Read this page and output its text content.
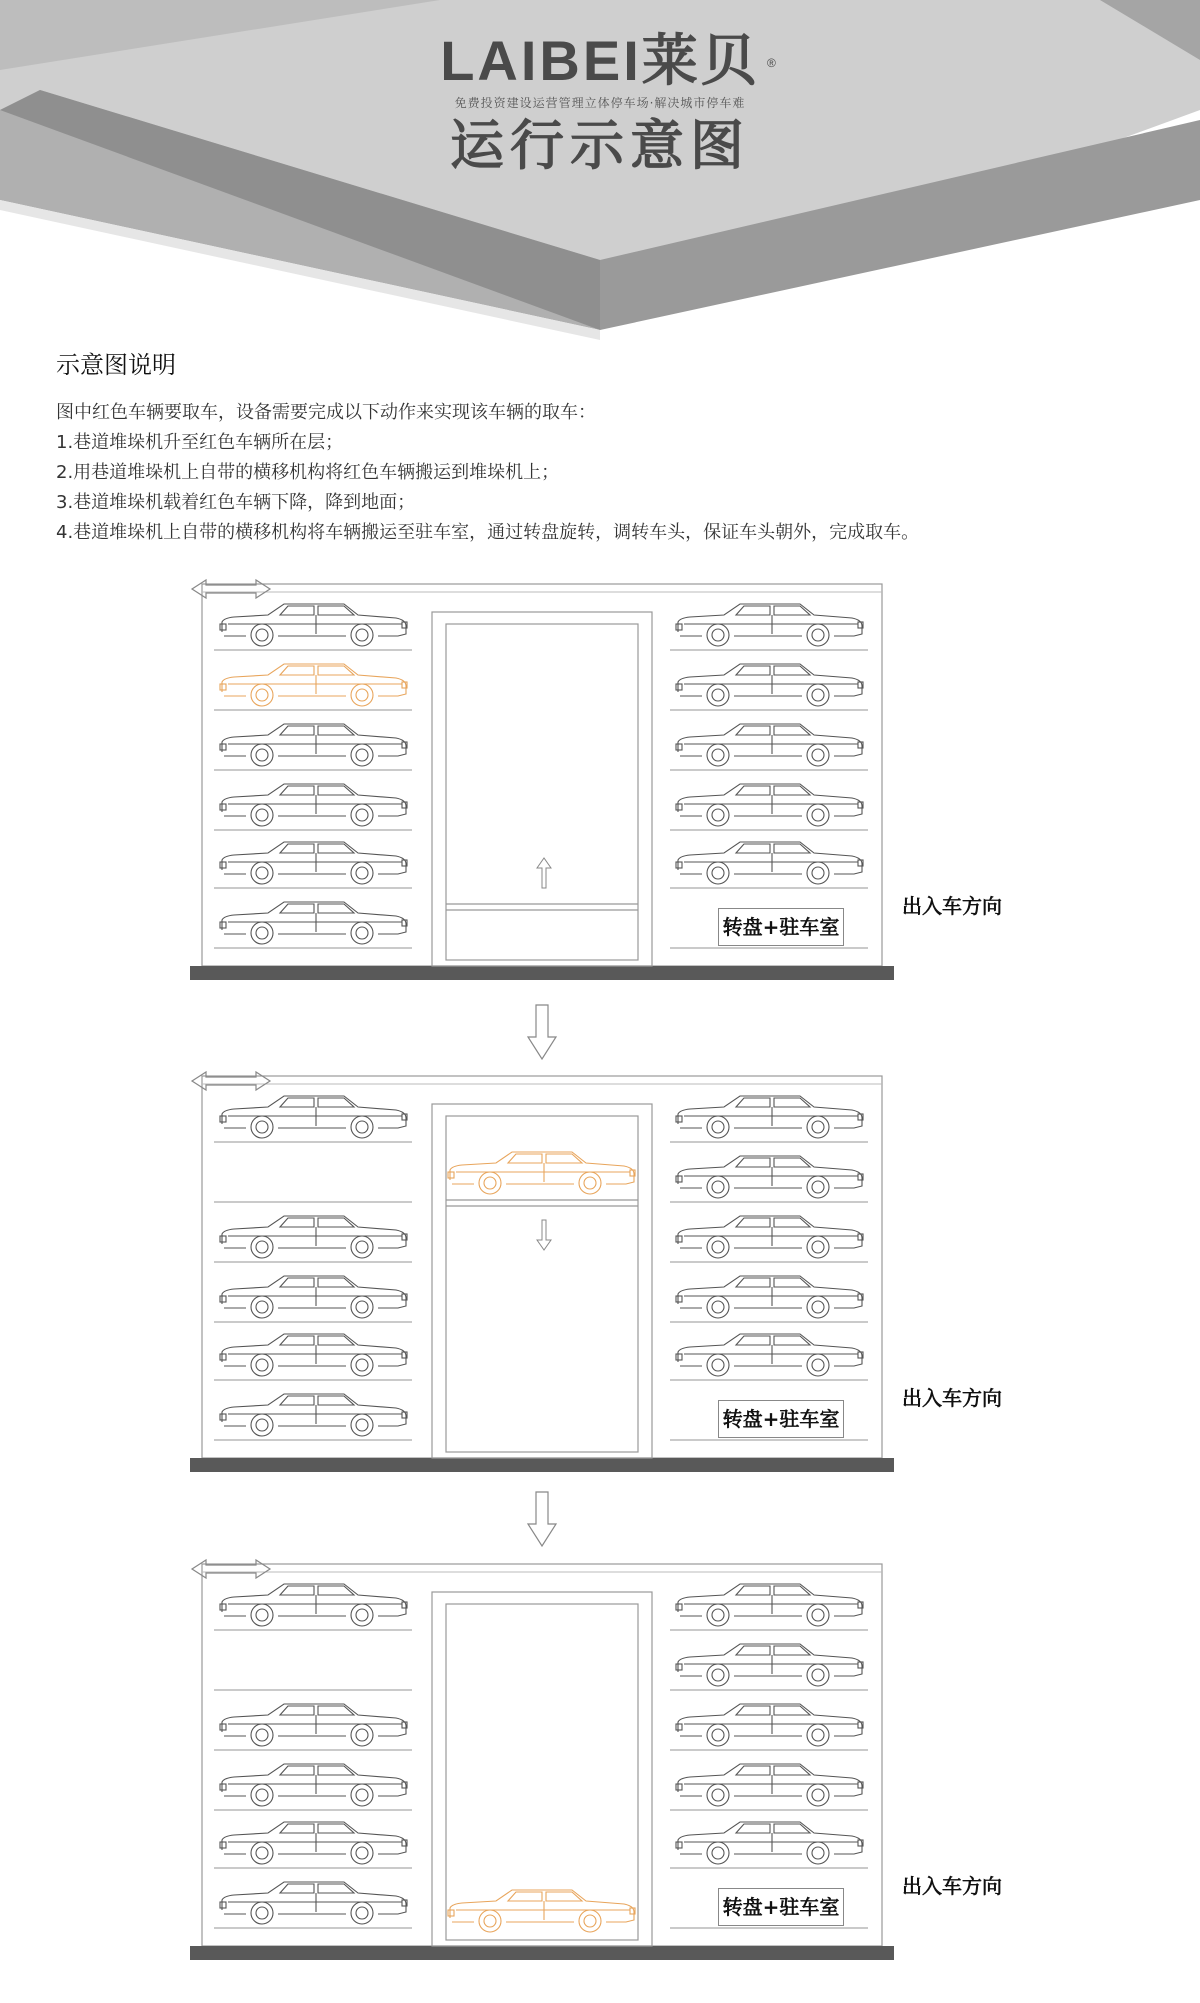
LAIBEI莱贝 ®
免费投资建设运营管理立体停车场·解决城市停车难
运行示意图
示意图说明

图中红色车辆要取车，设备需要完成以下动作来实现该车辆的取车：

1.巷道堆垛机升至红色车辆所在层；

2.用巷道堆垛机上自带的横移机构将红色车辆搬运到堆垛机上；

3.巷道堆垛机载着红色车辆下降，降到地面；

4.巷道堆垛机上自带的横移机构将车辆搬运至驻车室，通过转盘旋转，调转车头，保证车头朝外，完成取车。

转盘+驻车室
出入车方向
转盘+驻车室
出入车方向
转盘+驻车室
出入车方向
